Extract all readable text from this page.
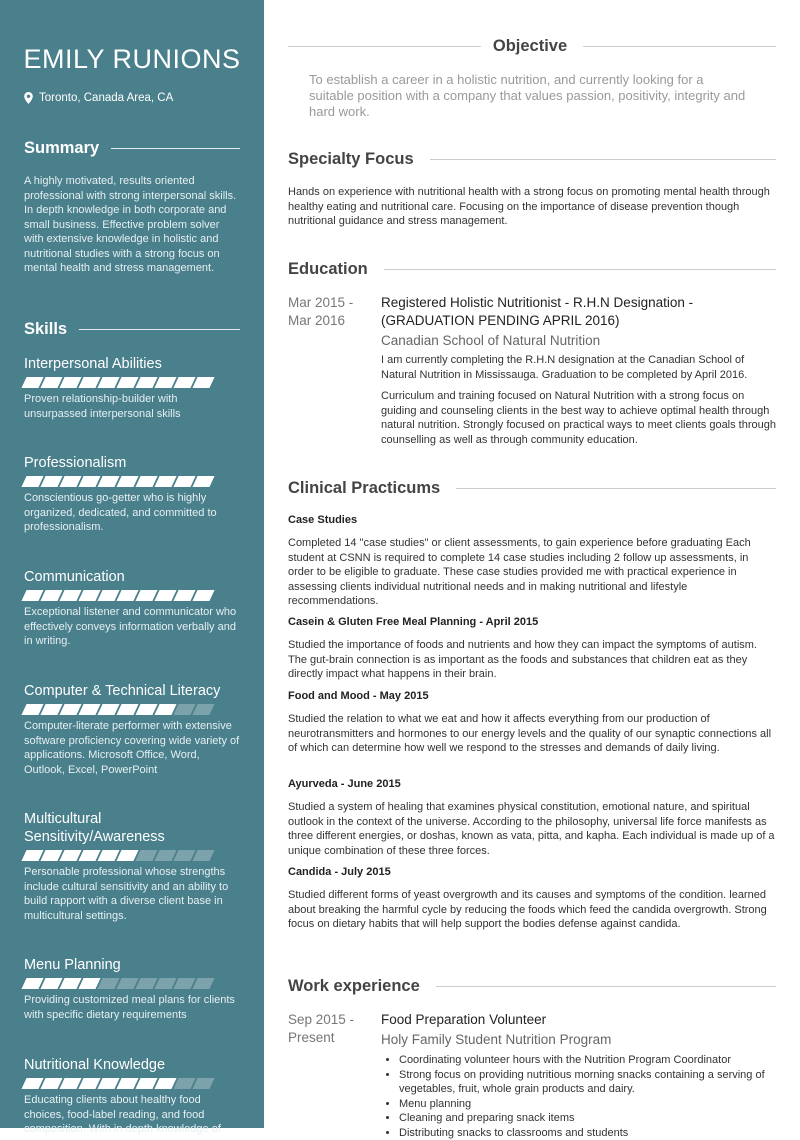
EMILY RUNIONS
Toronto, Canada Area, CA
Summary
A highly motivated, results oriented professional with strong interpersonal skills. In depth knowledge in both corporate and small business. Effective problem solver with extensive knowledge in holistic and nutritional studies with a strong focus on mental health and stress management.
Skills
Interpersonal Abilities
Proven relationship-builder with unsurpassed interpersonal skills
Professionalism
Conscientious go-getter who is highly organized, dedicated, and committed to professionalism.
Communication
Exceptional listener and communicator who effectively conveys information verbally and in writing.
Computer & Technical Literacy
Computer-literate performer with extensive software proficiency covering wide variety of applications. Microsoft Office, Word, Outlook, Excel, PowerPoint
Multicultural Sensitivity/Awareness
Personable professional whose strengths include cultural sensitivity and an ability to build rapport with a diverse client base in multicultural settings.
Menu Planning
Providing customized meal plans for clients with specific dietary requirements
Nutritional Knowledge
Educating clients about healthy food choices, food-label reading, and food composition. With in depth knowledge of
Objective
To establish a career in a holistic nutrition, and currently looking for a suitable position with a company that values passion, positivity, integrity and hard work.
Specialty Focus
Hands on experience with nutritional health with a strong focus on promoting mental health through healthy eating and nutritional care. Focusing on the importance of disease prevention though nutritional guidance and stress management.
Education
Mar 2015 -
Mar 2016
Registered Holistic Nutritionist - R.H.N Designation - (GRADUATION PENDING APRIL 2016)
Canadian School of Natural Nutrition
I am currently completing the R.H.N designation at the Canadian School of Natural Nutrition in Mississauga. Graduation to be completed by April 2016.
Curriculum and training focused on Natural Nutrition with a strong focus on guiding and counseling clients in the best way to achieve optimal health through natural nutrition. Strongly focused on practical ways to meet clients goals through counselling as well as through community education.
Clinical Practicums
Case Studies
Completed 14 "case studies" or client assessments, to gain experience before graduating Each student at CSNN is required to complete 14 case studies including 2 follow up assessments, in order to be eligible to graduate. These case studies provided me with practical experience in assessing clients individual nutritional needs and in making nutritional and lifestyle recommendations.
Casein & Gluten Free Meal Planning - April 2015
Studied the importance of foods and nutrients and how they can impact the symptoms of autism. The gut-brain connection is as important as the foods and substances that children eat as they directly impact what happens in their brain.
Food and Mood - May 2015
Studied the relation to what we eat and how it affects everything from our production of neurotransmitters and hormones to our energy levels and the quality of our synaptic connections all of which can determine how well we respond to the stresses and demands of daily living.
Ayurveda - June 2015
Studied a system of healing that examines physical constitution, emotional nature, and spiritual outlook in the context of the universe. According to the philosophy, universal life force manifests as three different energies, or doshas, known as vata, pitta, and kapha. Each individual is made up of a unique combination of these three forces.
Candida - July 2015
Studied different forms of yeast overgrowth and its causes and symptoms of the condition. learned about breaking the harmful cycle by reducing the foods which feed the candida overgrowth. Strong focus on dietary habits that will help support the bodies defense against candida.
Work experience
Sep 2015 -
Present
Food Preparation Volunteer
Holy Family Student Nutrition Program
• Coordinating volunteer hours with the Nutrition Program Coordinator
• Strong focus on providing nutritious morning snacks containing a serving of vegetables, fruit, whole grain products and dairy.
• Menu planning
• Cleaning and preparing snack items
• Distributing snacks to classrooms and students
